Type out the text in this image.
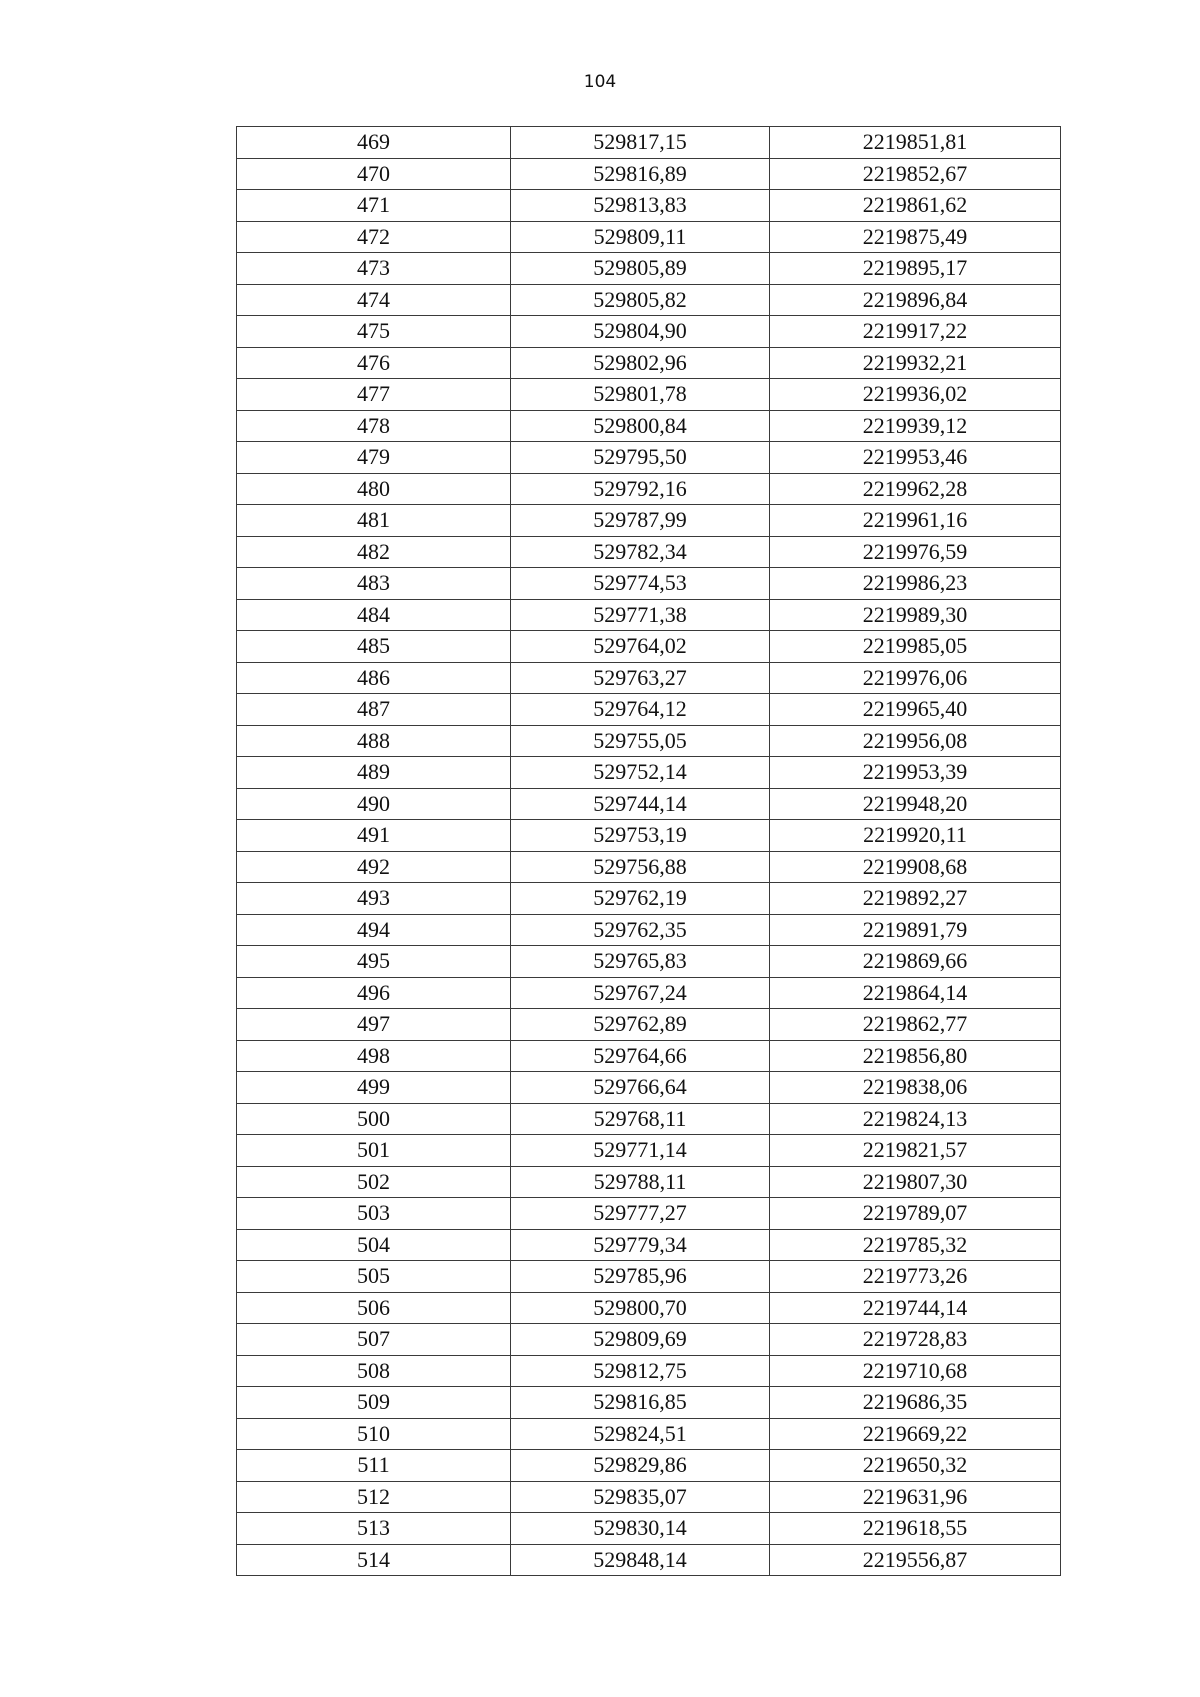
104
469	529817,15	2219851,81
470	529816,89	2219852,67
471	529813,83	2219861,62
472	529809,11	2219875,49
473	529805,89	2219895,17
474	529805,82	2219896,84
475	529804,90	2219917,22
476	529802,96	2219932,21
477	529801,78	2219936,02
478	529800,84	2219939,12
479	529795,50	2219953,46
480	529792,16	2219962,28
481	529787,99	2219961,16
482	529782,34	2219976,59
483	529774,53	2219986,23
484	529771,38	2219989,30
485	529764,02	2219985,05
486	529763,27	2219976,06
487	529764,12	2219965,40
488	529755,05	2219956,08
489	529752,14	2219953,39
490	529744,14	2219948,20
491	529753,19	2219920,11
492	529756,88	2219908,68
493	529762,19	2219892,27
494	529762,35	2219891,79
495	529765,83	2219869,66
496	529767,24	2219864,14
497	529762,89	2219862,77
498	529764,66	2219856,80
499	529766,64	2219838,06
500	529768,11	2219824,13
501	529771,14	2219821,57
502	529788,11	2219807,30
503	529777,27	2219789,07
504	529779,34	2219785,32
505	529785,96	2219773,26
506	529800,70	2219744,14
507	529809,69	2219728,83
508	529812,75	2219710,68
509	529816,85	2219686,35
510	529824,51	2219669,22
511	529829,86	2219650,32
512	529835,07	2219631,96
513	529830,14	2219618,55
514	529848,14	2219556,87
